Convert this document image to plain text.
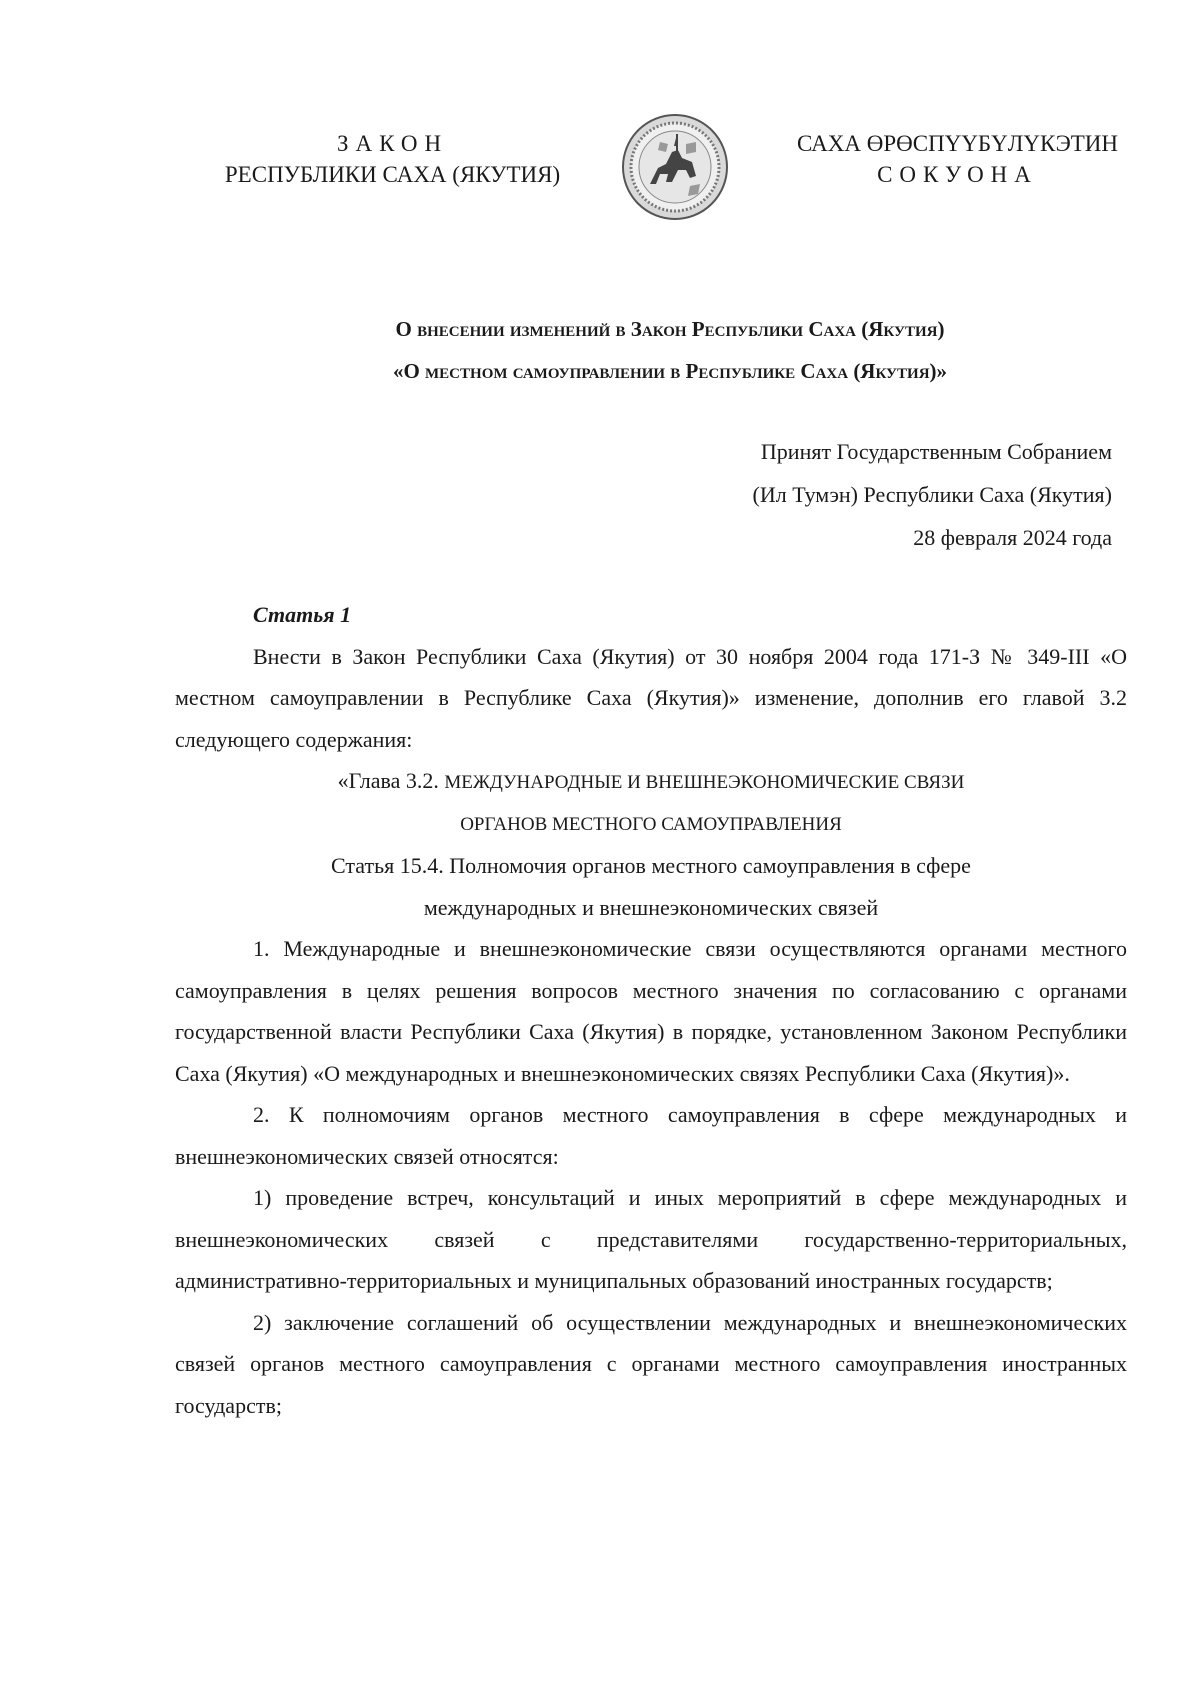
ЗАКОН
РЕСПУБЛИКИ САХА (ЯКУТИЯ)
САХА ӨРӨСПҮҮБҮЛҮКЭТИН
СОКУОНА
О внесении изменений в Закон Республики Саха (Якутия)
«О местном самоуправлении в Республике Саха (Якутия)»
Принят Государственным Собранием
(Ил Тумэн) Республики Саха (Якутия)
28 февраля 2024 года

Статья 1

Внести в Закон Республики Саха (Якутия) от 30 ноября 2004 года 171-З № 349-III «О местном самоуправлении в Республике Саха (Якутия)» изменение, дополнив его главой 3.2 следующего содержания:

«Глава 3.2. МЕЖДУНАРОДНЫЕ И ВНЕШНЕЭКОНОМИЧЕСКИЕ СВЯЗИ

ОРГАНОВ МЕСТНОГО САМОУПРАВЛЕНИЯ

Статья 15.4. Полномочия органов местного самоуправления в сфере

международных и внешнеэкономических связей

1. Международные и внешнеэкономические связи осуществляются органами местного самоуправления в целях решения вопросов местного значения по согласованию с органами государственной власти Республики Саха (Якутия) в порядке, установленном Законом Республики Саха (Якутия) «О международных и внешнеэкономических связях Республики Саха (Якутия)».

2. К полномочиям органов местного самоуправления в сфере международных и внешнеэкономических связей относятся:

1) проведение встреч, консультаций и иных мероприятий в сфере международных и внешнеэкономических связей с представителями государственно-территориальных, административно-территориальных и муниципальных образований иностранных государств;

2) заключение соглашений об осуществлении международных и внешнеэкономических связей органов местного самоуправления с органами местного самоуправления иностранных государств;
